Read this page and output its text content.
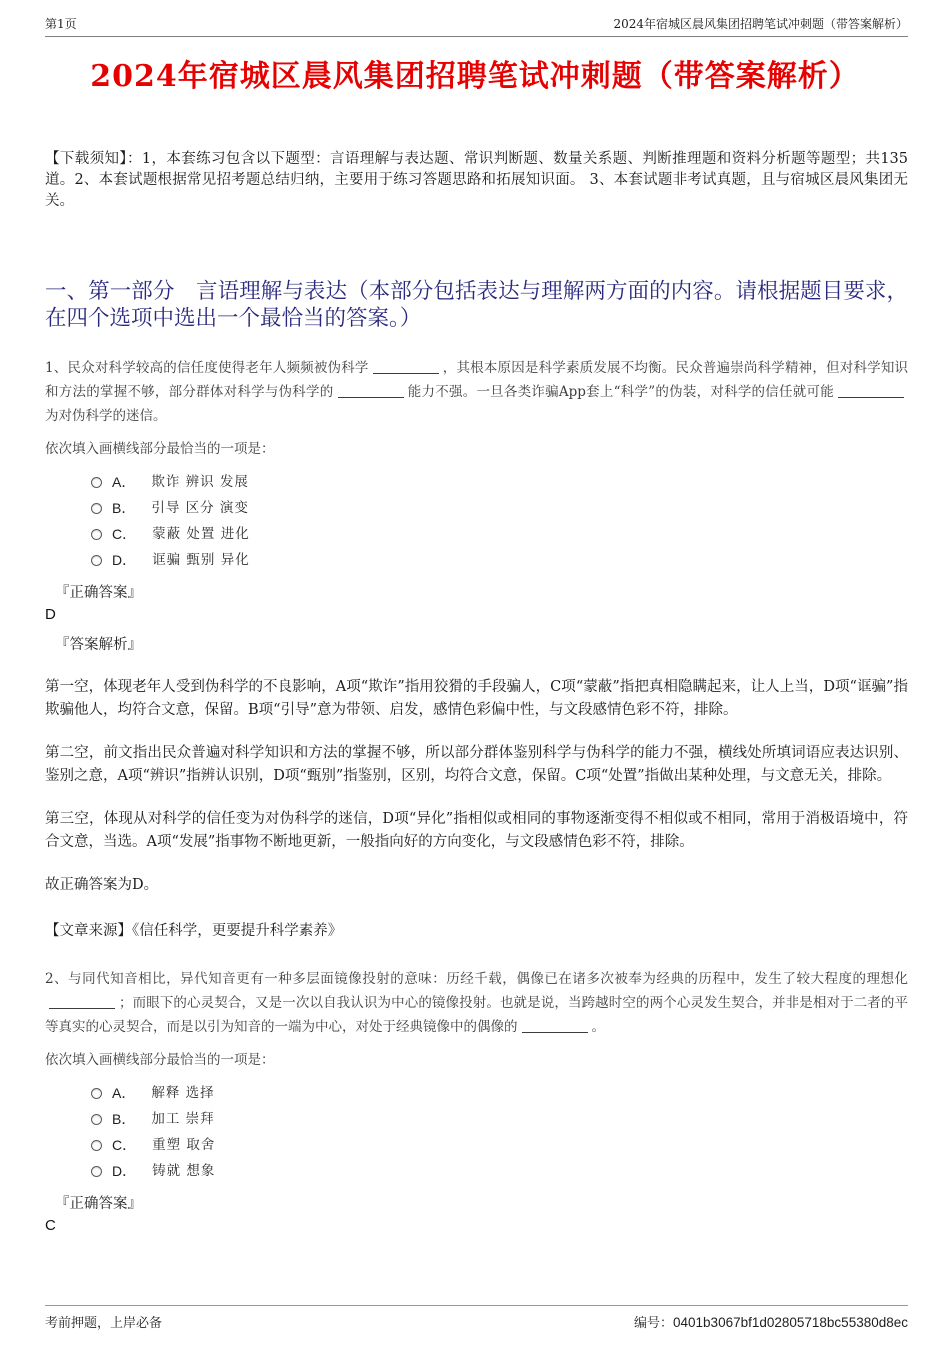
第1页	2024年宿城区晨风集团招聘笔试冲刺题（带答案解析）
2024年宿城区晨风集团招聘笔试冲刺题（带答案解析）

【下载须知】：1，本套练习包含以下题型：言语理解与表达题、常识判断题、数量关系题、判断推理题和资料分析题等题型；共135道。2、本套试题根据常见招考题总结归纳，主要用于练习答题思路和拓展知识面。 3、本套试题非考试真题，且与宿城区晨风集团无关。

一、第一部分　言语理解与表达（本部分包括表达与理解两方面的内容。请根据题目要求，在四个选项中选出一个最恰当的答案。）

1、民众对科学较高的信任度使得老年人频频被伪科学	，其根本原因是科学素质发展不均衡。民众普遍崇尚科学精神，但对科学知识和方法的掌握不够，部分群体对科学与伪科学的	能力不强。一旦各类诈骗App套上“科学”的伪装，对科学的信任就可能为对伪科学的迷信。

依次填入画横线部分最恰当的一项是：

A． 欺诈 辨识 发展
B． 引导 区分 演变
C． 蒙蔽 处置 进化
D． 诓骗 甄别 异化

『正确答案』

D

『答案解析』

第一空，体现老年人受到伪科学的不良影响，A项“欺诈”指用狡猾的手段骗人，C项“蒙蔽”指把真相隐瞒起来，让人上当，D项“诓骗”指欺骗他人，均符合文意，保留。B项“引导”意为带领、启发，感情色彩偏中性，与文段感情色彩不符，排除。

第二空，前文指出民众普遍对科学知识和方法的掌握不够，所以部分群体鉴别科学与伪科学的能力不强，横线处所填词语应表达识别、鉴别之意，A项“辨识”指辨认识别，D项“甄别”指鉴别，区别，均符合文意，保留。C项“处置”指做出某种处理，与文意无关，排除。

第三空，体现从对科学的信任变为对伪科学的迷信，D项“异化”指相似或相同的事物逐渐变得不相似或不相同，常用于消极语境中，符合文意，当选。A项“发展”指事物不断地更新，一般指向好的方向变化，与文段感情色彩不符，排除。

故正确答案为D。

【文章来源】《信任科学，更要提升科学素养》

2、与同代知音相比，异代知音更有一种多层面镜像投射的意味：历经千载，偶像已在诸多次被奉为经典的历程中，发生了较大程度的理想化；而眼下的心灵契合，又是一次以自我认识为中心的镜像投射。也就是说，当跨越时空的两个心灵发生契合，并非是相对于二者的平等真实的心灵契合，而是以引为知音的一端为中心，对处于经典镜像中的偶像的	。

依次填入画横线部分最恰当的一项是：

A． 解释 选择
B． 加工 崇拜
C． 重塑 取舍
D． 铸就 想象

『正确答案』

C

考前押题，上岸必备	编号：0401b3067bf1d02805718bc55380d8ec
